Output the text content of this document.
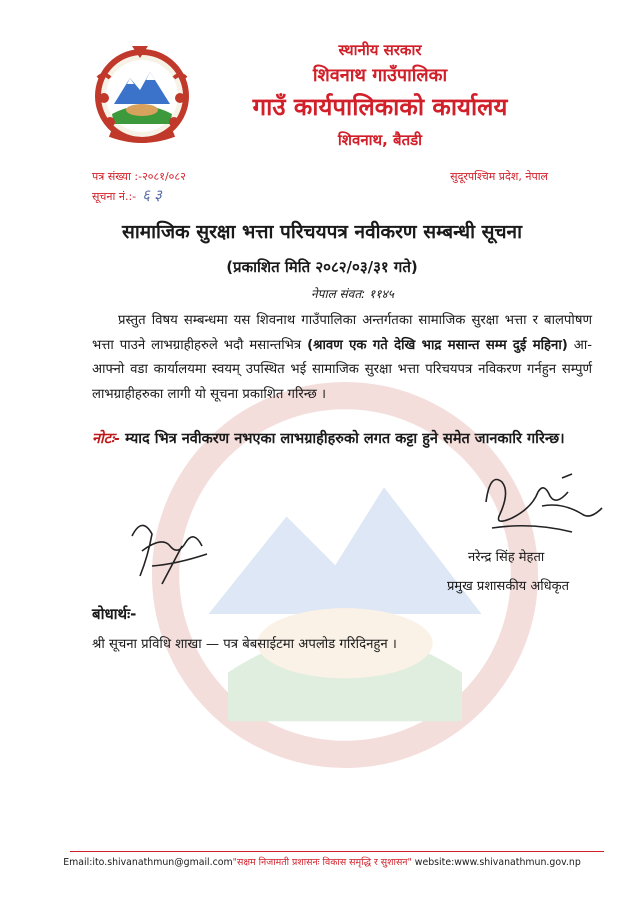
स्थानीय सरकार
शिवनाथ गाउँपालिका
गाउँ कार्यपालिकाको कार्यालय
शिवनाथ, बैतडी
पत्र संख्या :-२०८१/०८२
सूचना नं.:- ६३
सुदूरपश्चिम प्रदेश, नेपाल
सामाजिक सुरक्षा भत्ता परिचयपत्र नवीकरण सम्बन्धी सूचना
(प्रकाशित मिति २०८२/०३/३१ गते)
नेपाल संवत: ११४५

प्रस्तुत विषय सम्बन्धमा यस शिवनाथ गाउँपालिका अन्तर्गतका सामाजिक सुरक्षा भत्ता र बालपोषण भत्ता पाउने लाभग्राहीहरुले भदौ मसान्तभित्र (श्रावण एक गते देखि भाद्र मसान्त सम्म दुई महिना) आ-आफ्नो वडा कार्यालयमा स्वयम् उपस्थित भई सामाजिक सुरक्षा भत्ता परिचयपत्र नविकरण गर्नहुन सम्पुर्ण लाभग्राहीहरुका लागी यो सूचना प्रकाशित गरिन्छ ।

नोटः- म्याद भित्र नवीकरण नभएका लाभग्राहीहरुको लगत कट्टा हुने समेत जानकारि गरिन्छ।
नरेन्द्र सिंह मेहता
प्रमुख प्रशासकीय अधिकृत
बोधार्थः-
श्री सूचना प्रविधि शाखा — पत्र बेबसाईटमा अपलोड गरिदिनहुन ।
Email:ito.shivanathmun@gmail.com"सक्षम निजामती प्रशासनः विकास समृद्धि र सुशासन" website:www.shivanathmun.gov.np
